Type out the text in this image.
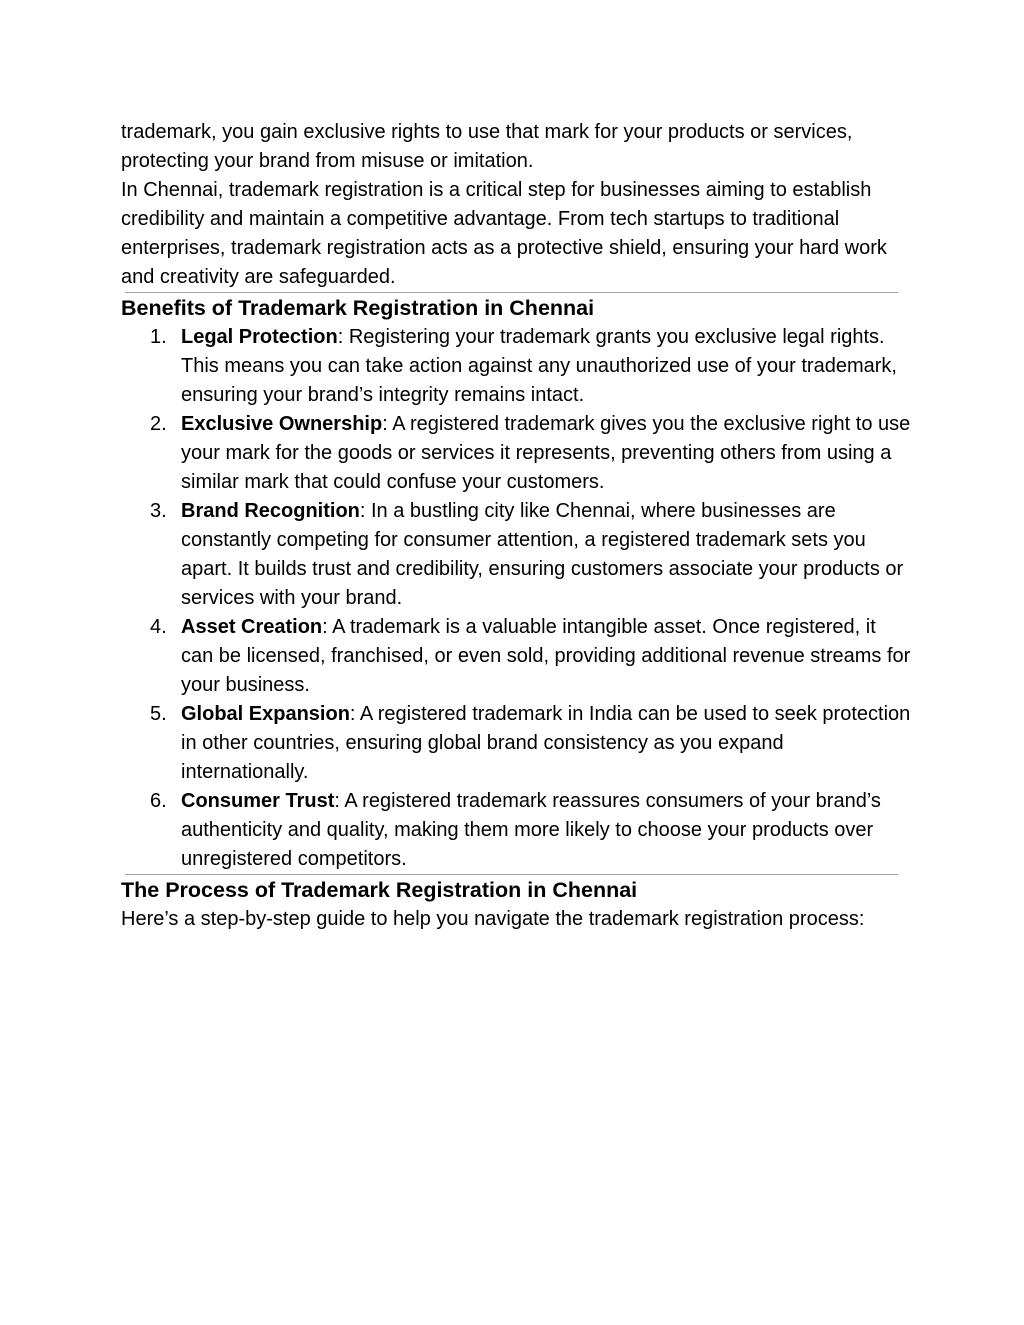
trademark, you gain exclusive rights to use that mark for your products or services, protecting your brand from misuse or imitation.

In Chennai, trademark registration is a critical step for businesses aiming to establish credibility and maintain a competitive advantage. From tech startups to traditional enterprises, trademark registration acts as a protective shield, ensuring your hard work and creativity are safeguarded.

Benefits of Trademark Registration in Chennai
1. Legal Protection: Registering your trademark grants you exclusive legal rights. This means you can take action against any unauthorized use of your trademark, ensuring your brand’s integrity remains intact.
2. Exclusive Ownership: A registered trademark gives you the exclusive right to use your mark for the goods or services it represents, preventing others from using a similar mark that could confuse your customers.
3. Brand Recognition: In a bustling city like Chennai, where businesses are constantly competing for consumer attention, a registered trademark sets you apart. It builds trust and credibility, ensuring customers associate your products or services with your brand.
4. Asset Creation: A trademark is a valuable intangible asset. Once registered, it can be licensed, franchised, or even sold, providing additional revenue streams for your business.
5. Global Expansion: A registered trademark in India can be used to seek protection in other countries, ensuring global brand consistency as you expand internationally.
6. Consumer Trust: A registered trademark reassures consumers of your brand’s authenticity and quality, making them more likely to choose your products over unregistered competitors.
The Process of Trademark Registration in Chennai

Here’s a step-by-step guide to help you navigate the trademark registration process:
